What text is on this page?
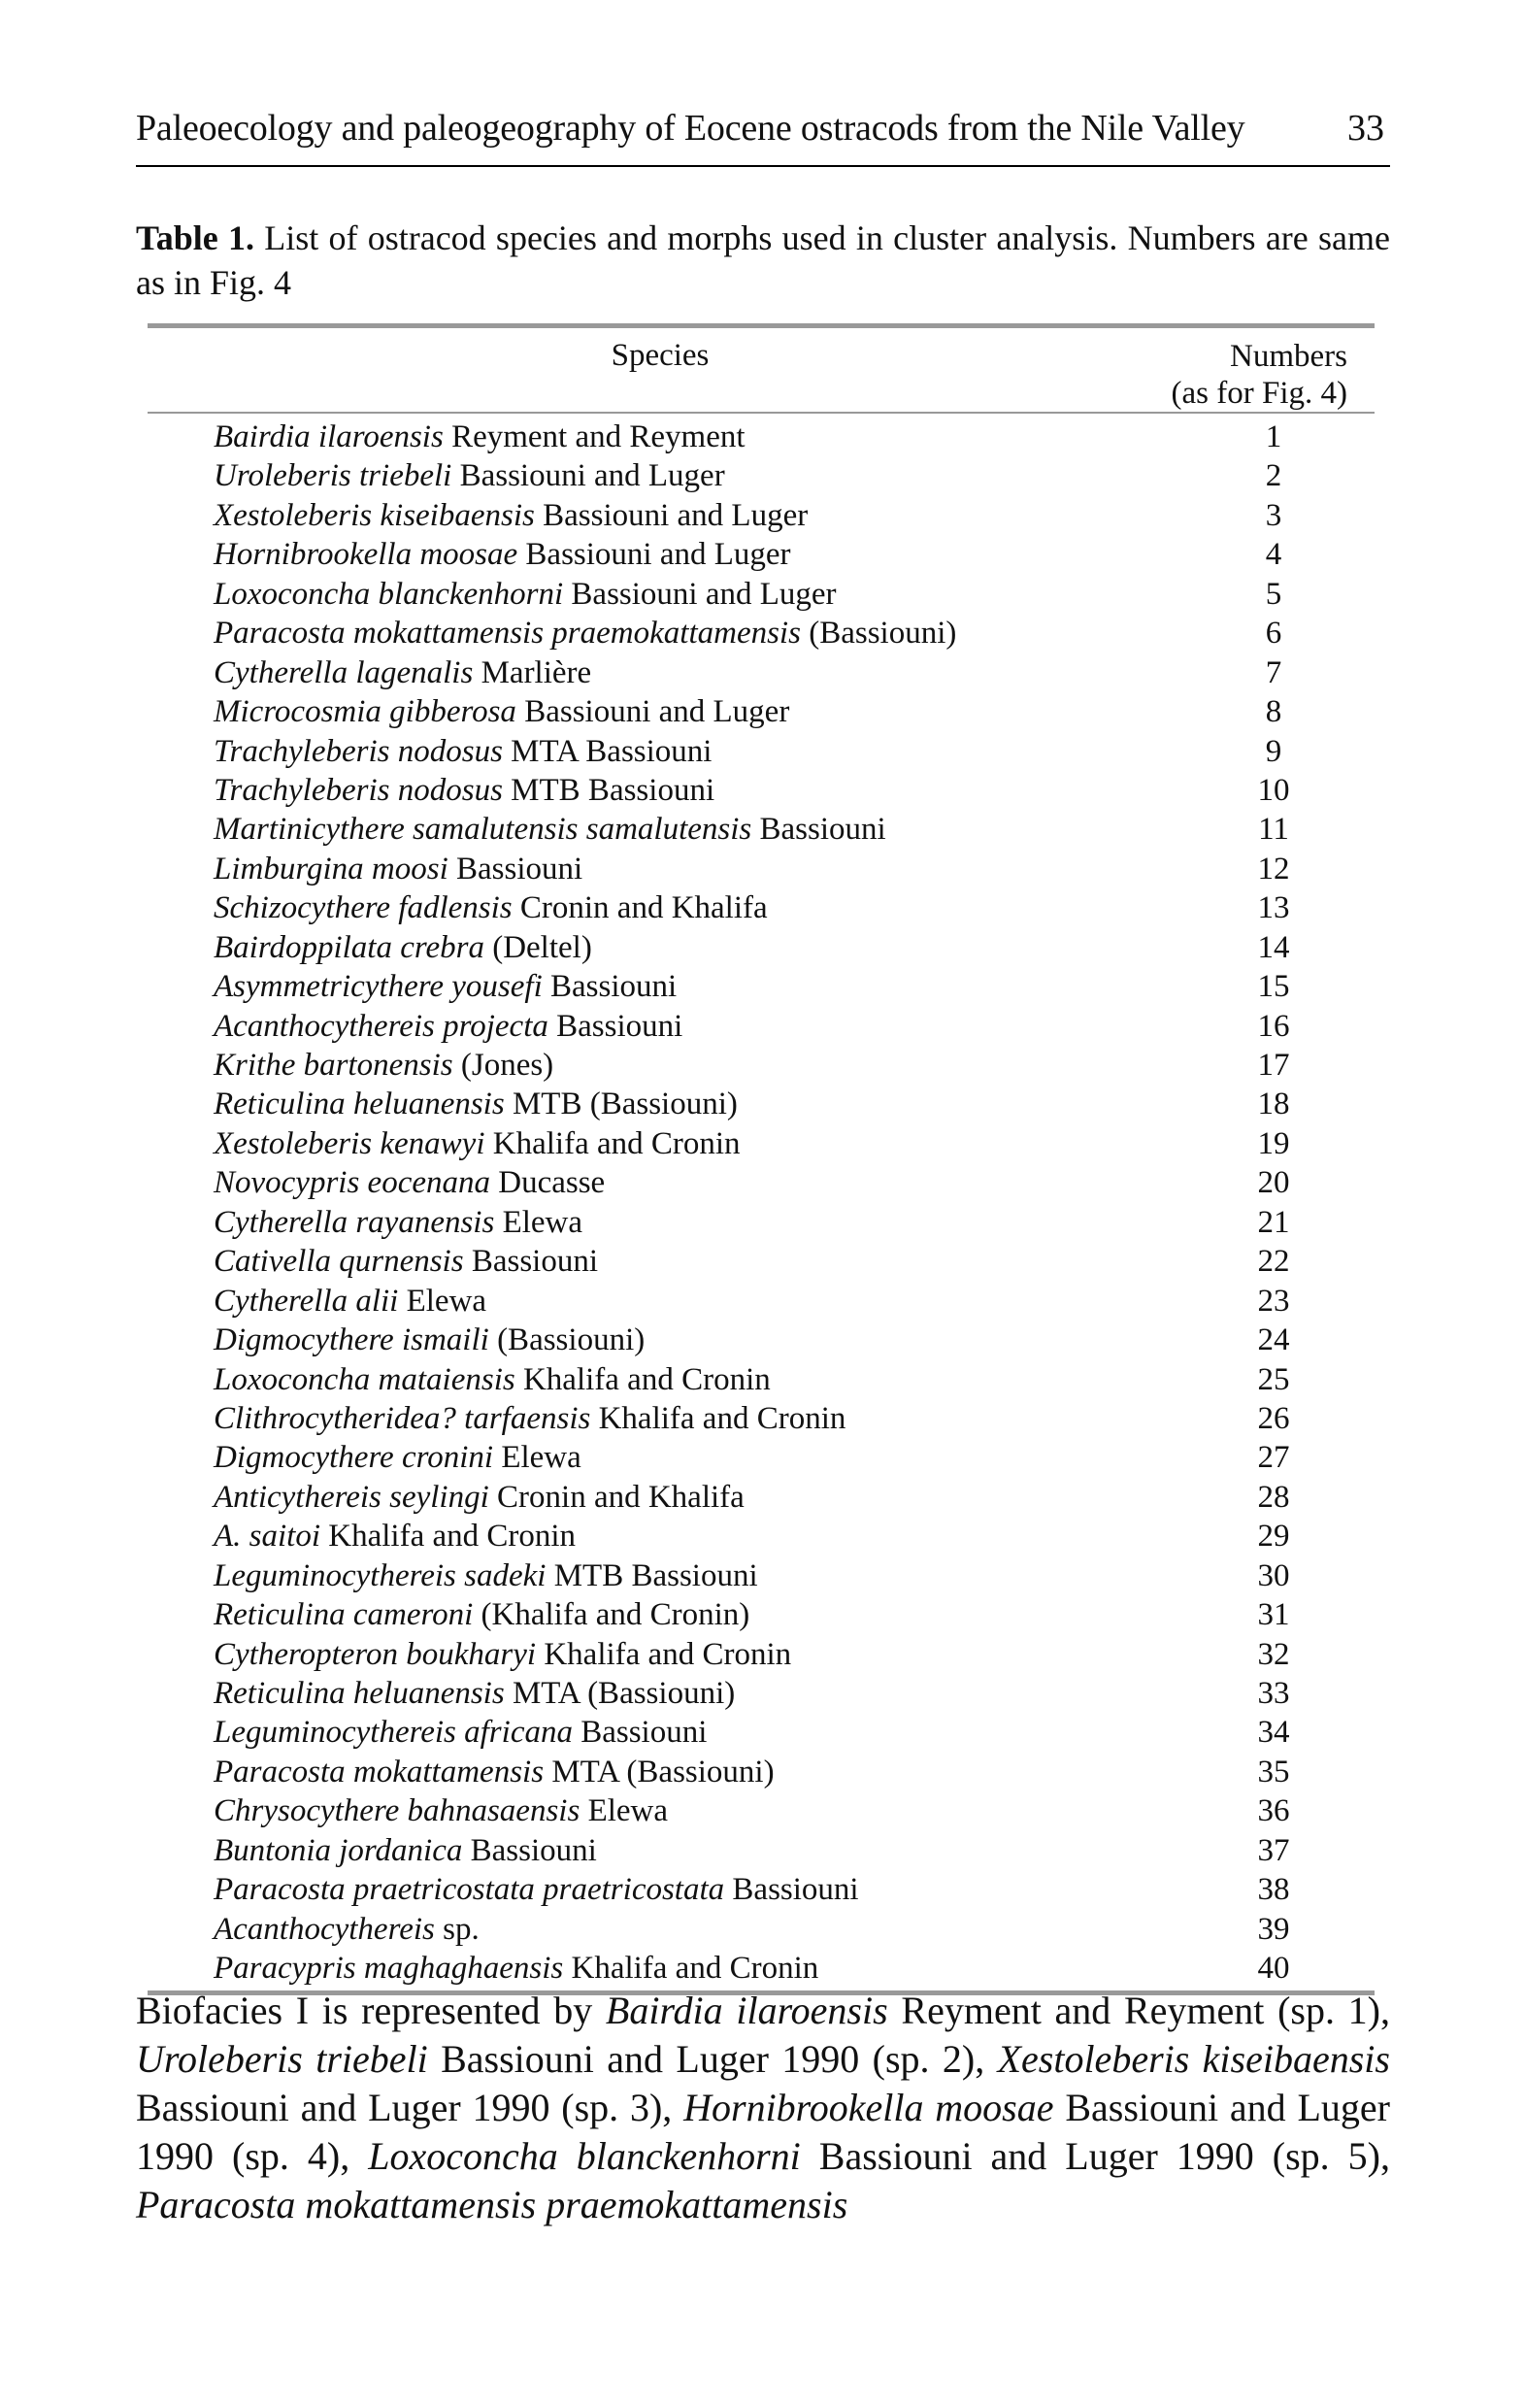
Paleoecology and paleogeography of Eocene ostracods from the Nile Valley	33
Table 1. List of ostracod species and morphs used in cluster analysis. Numbers are same as in Fig. 4
Species	Numbers
(as for Fig. 4)
Bairdia ilaroensis Reyment and Reyment	1
Uroleberis triebeli Bassiouni and Luger	2
Xestoleberis kiseibaensis Bassiouni and Luger	3
Hornibrookella moosae Bassiouni and Luger	4
Loxoconcha blanckenhorni Bassiouni and Luger	5
Paracosta mokattamensis praemokattamensis (Bassiouni)	6
Cytherella lagenalis Marlière	7
Microcosmia gibberosa Bassiouni and Luger	8
Trachyleberis nodosus MTA Bassiouni	9
Trachyleberis nodosus MTB Bassiouni	10
Martinicythere samalutensis samalutensis Bassiouni	11
Limburgina moosi Bassiouni	12
Schizocythere fadlensis Cronin and Khalifa	13
Bairdoppilata crebra (Deltel)	14
Asymmetricythere yousefi Bassiouni	15
Acanthocythereis projecta Bassiouni	16
Krithe bartonensis (Jones)	17
Reticulina heluanensis MTB (Bassiouni)	18
Xestoleberis kenawyi Khalifa and Cronin	19
Novocypris eocenana Ducasse	20
Cytherella rayanensis Elewa	21
Cativella qurnensis Bassiouni	22
Cytherella alii Elewa	23
Digmocythere ismaili (Bassiouni)	24
Loxoconcha mataiensis Khalifa and Cronin	25
Clithrocytheridea? tarfaensis Khalifa and Cronin	26
Digmocythere cronini Elewa	27
Anticythereis seylingi Cronin and Khalifa	28
A. saitoi Khalifa and Cronin	29
Leguminocythereis sadeki MTB Bassiouni	30
Reticulina cameroni (Khalifa and Cronin)	31
Cytheropteron boukharyi Khalifa and Cronin	32
Reticulina heluanensis MTA (Bassiouni)	33
Leguminocythereis africana Bassiouni	34
Paracosta mokattamensis MTA (Bassiouni)	35
Chrysocythere bahnasaensis Elewa	36
Buntonia jordanica Bassiouni	37
Paracosta praetricostata praetricostata Bassiouni	38
Acanthocythereis sp.	39
Paracypris maghaghaensis Khalifa and Cronin	40
Biofacies I is represented by Bairdia ilaroensis Reyment and Reyment (sp. 1), Uroleberis triebeli Bassiouni and Luger 1990 (sp. 2), Xestoleberis kiseibaensis Bassiouni and Luger 1990 (sp. 3), Hornibrookella moosae Bassiouni and Luger 1990 (sp. 4), Loxoconcha blanckenhorni Bassiouni and Luger 1990 (sp. 5), Paracosta mokattamensis praemokattamensis
